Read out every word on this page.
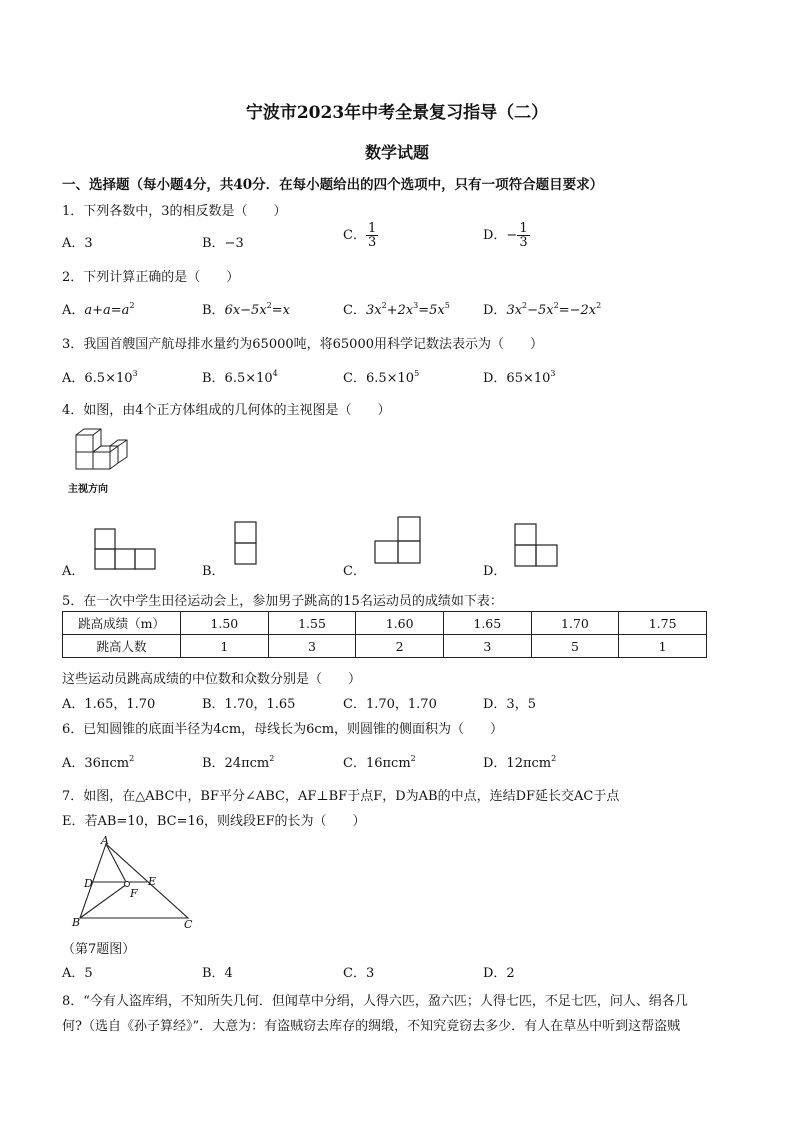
宁波市2023年中考全景复习指导（二）
数学试题
一、选择题（每小题4分，共40分．在每小题给出的四个选项中，只有一项符合题目要求）
1．下列各数中，3的相反数是（　　）
A．3	B．−3
C． $\frac{1}{3}$	D．− $\frac{1}{3}$
2．下列计算正确的是（　　）
A．$a+a=a^2$	B．$6x-5x^2=x$	C．$3x^2+2x^3=5x^5$	D．$3x^2-5x^2=-2x^2$
3．我国首艘国产航母排水量约为65000吨，将65000用科学记数法表示为（　　）
A．$6.5\times 10^3$	B．$6.5\times 10^4$	C．$6.5\times 10^5$	D．$65\times 10^3$
4．如图，由4个正方体组成的几何体的主视图是（　　）
主视方向
A．	B．	C．	D．
5．在一次中学生田径运动会上，参加男子跳高的15名运动员的成绩如下表：
跳高成绩（m）	1.50	1.55	1.60	1.65	1.70	1.75
跳高人数	1	3	2	3	5	1
这些运动员跳高成绩的中位数和众数分别是（　　）
A．1.65，1.70	B．1.70，1.65	C．1.70，1.70	D．3，5
6．已知圆锥的底面半径为4cm，母线长为6cm，则圆锥的侧面积为（　　）
A．36πcm$^2$	B．24πcm$^2$	C．16πcm$^2$	D．12πcm$^2$
7．如图，在△ABC中，BF平分∠ABC，AF⊥BF于点F，D为AB的中点，连结DF延长交AC于点
E．若AB=10，BC=16，则线段EF的长为（　　）
A
B	C
D	E
F
（第7题图）
A．5	B．4	C．3	D．2
8．“今有人盗库绢，不知所失几何．但闻草中分绢，人得六匹，盈六匹；人得七匹，不足七匹，问人、绢各几
何?（选自《孙子算经》”．大意为：有盗贼窃去库存的绸缎，不知究竟窃去多少．有人在草丛中听到这帮盗贼
